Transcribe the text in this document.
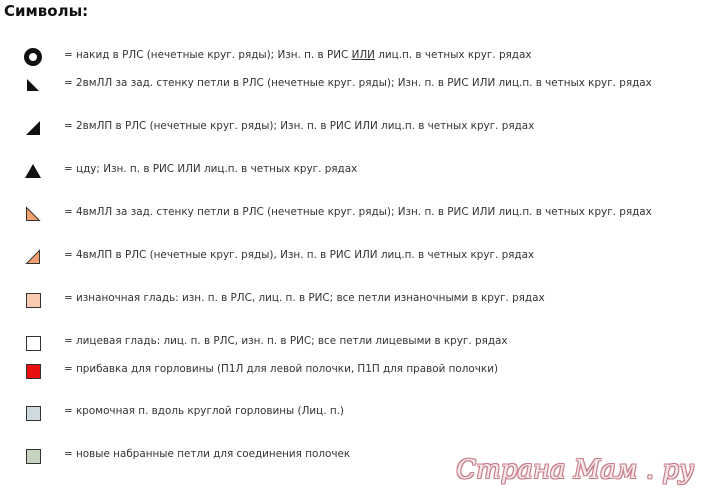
Символы:
= накид в РЛС (нечетные круг. ряды); Изн. п. в РИС ИЛИ лиц.п. в четных круг. рядах
= 2вмЛЛ за зад. стенку петли в РЛС (нечетные круг. ряды); Изн. п. в РИС ИЛИ лиц.п. в четных круг. рядах
= 2вмЛП в РЛС (нечетные круг. ряды); Изн. п. в РИС ИЛИ лиц.п. в четных круг. рядах
= цду; Изн. п. в РИС ИЛИ лиц.п. в четных круг. рядах
= 4вмЛЛ за зад. стенку петли в РЛС (нечетные круг. ряды); Изн. п. в РИС ИЛИ лиц.п. в четных круг. рядах
= 4вмЛП в РЛС (нечетные круг. ряды), Изн. п. в РИС ИЛИ лиц.п. в четных круг. рядах
= изнаночная гладь: изн. п. в РЛС, лиц. п. в РИС; все петли изнаночными в круг. рядах
= лицевая гладь: лиц. п. в РЛС, изн. п. в РИС; все петли лицевыми в круг. рядах
= прибавка для горловины (П1Л для левой полочки, П1П для правой полочки)
= кромочная п. вдоль круглой горловины (Лиц. п.)
= новые набранные петли для соединения полочек
Страна Мам . ру
